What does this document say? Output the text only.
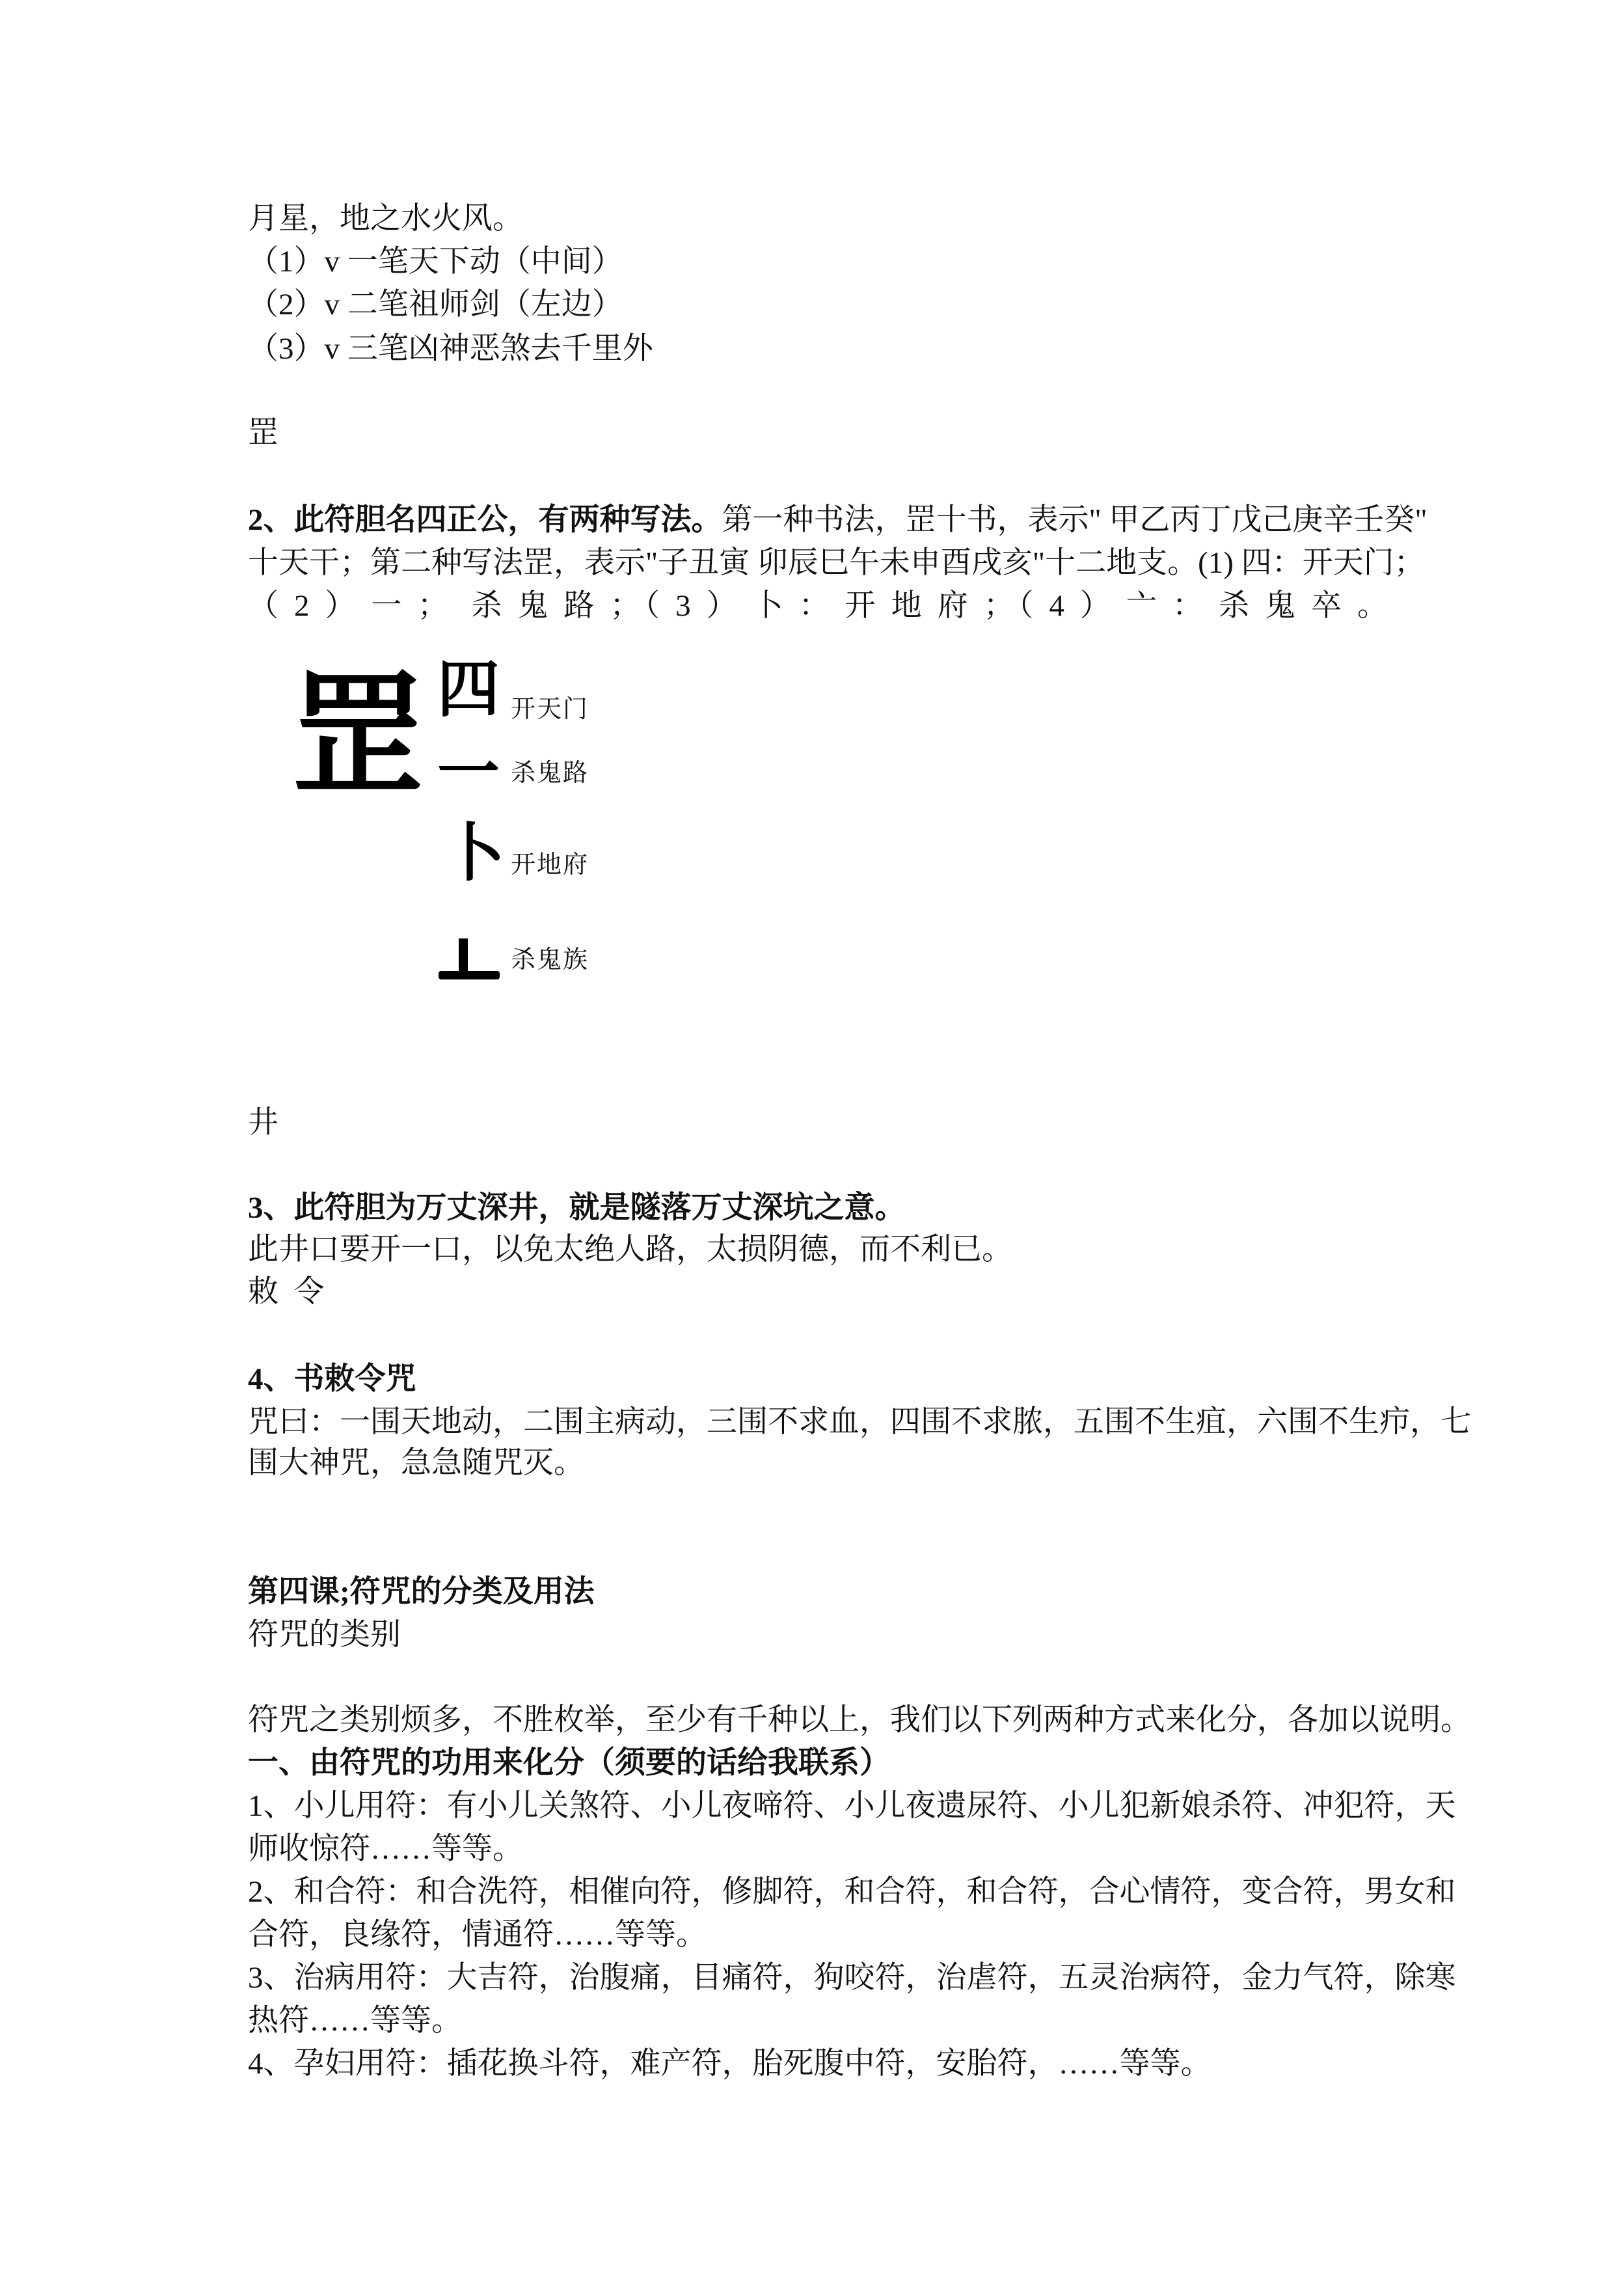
月星，地之水火风。
（1）v 一笔天下动（中间）
（2）v 二笔祖师剑（左边）
（3）v 三笔凶神恶煞去千里外
罡
2、此符胆名四正公，有两种写法。第一种书法，罡十书，表示" 甲乙丙丁戊己庚辛壬癸"
十天干；第二种写法罡，表示"子丑寅 卯辰巳午未申酉戌亥"十二地支。(1) 四：开天门；
（ 2 ） 一 ；　杀 鬼 路 ；（ 3 ） 卜 ： 开 地 府 ；（ 4 ） 亠 ： 杀 鬼 卒 。
罡 四 开天门
一 杀鬼路
卜 开地府
杀鬼族
井
3、此符胆为万丈深井，就是隧落万丈深坑之意。
此井口要开一口，以免太绝人路，太损阴德，而不利已。
敕  令
4、书敕令咒
咒曰：一围天地动，二围主病动，三围不求血，四围不求脓，五围不生疽，六围不生疖，七
围大神咒，急急随咒灭。
第四课;符咒的分类及用法
符咒的类别
符咒之类别烦多，不胜枚举，至少有千种以上，我们以下列两种方式来化分，各加以说明。
一、由符咒的功用来化分（须要的话给我联系）
1、小儿用符：有小儿关煞符、小儿夜啼符、小儿夜遗尿符、小儿犯新娘杀符、冲犯符，天
师收惊符……等等。
2、和合符：和合洗符，相催向符，修脚符，和合符，和合符，合心情符，变合符，男女和
合符，良缘符，情通符……等等。
3、治病用符：大吉符，治腹痛，目痛符，狗咬符，治虐符，五灵治病符，金力气符，除寒
热符……等等。
4、孕妇用符：插花换斗符，难产符，胎死腹中符，安胎符，……等等。
